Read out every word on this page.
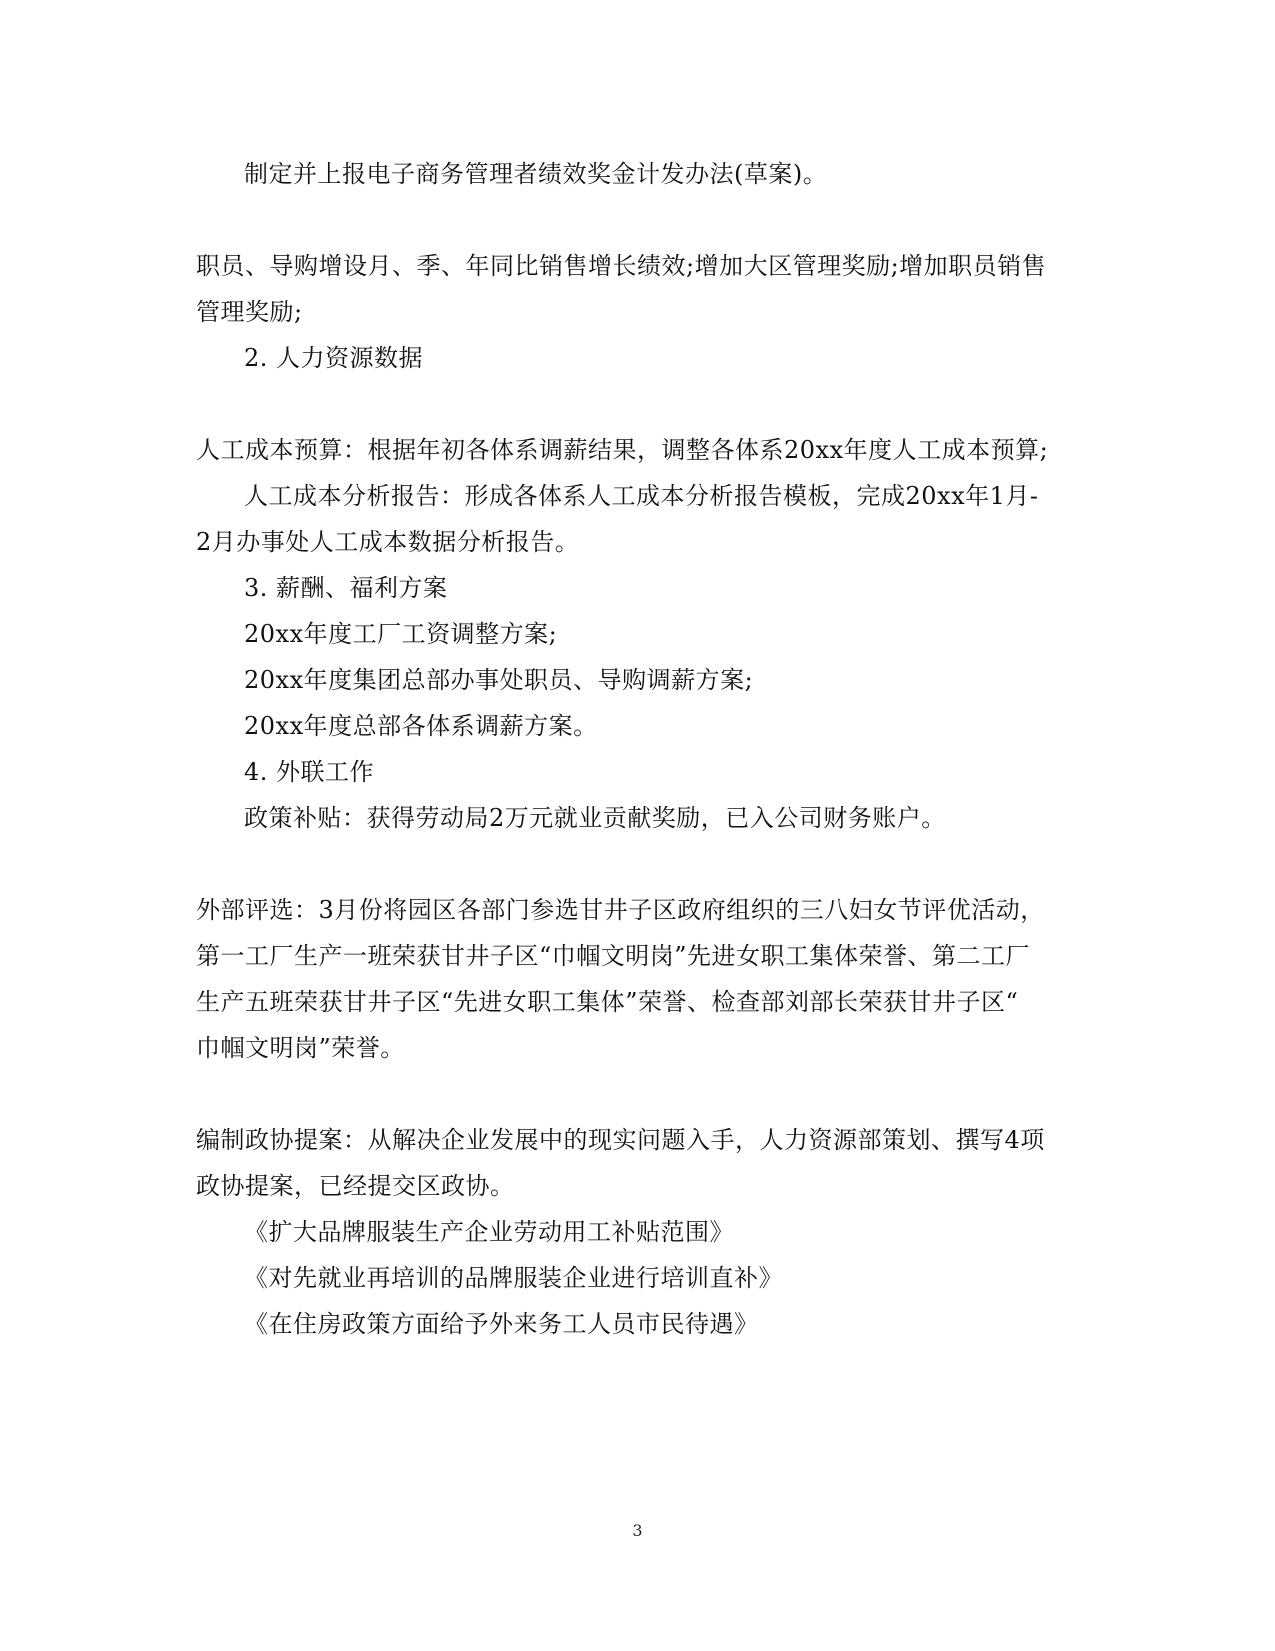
制定并上报电子商务管理者绩效奖金计发办法(草案)。
职员、导购增设月、季、年同比销售增长绩效;增加大区管理奖励;增加职员销售
管理奖励;
2. 人力资源数据
人工成本预算：根据年初各体系调薪结果，调整各体系20xx年度人工成本预算;
人工成本分析报告：形成各体系人工成本分析报告模板，完成20xx年1月-
2月办事处人工成本数据分析报告。
3. 薪酬、福利方案
20xx年度工厂工资调整方案;
20xx年度集团总部办事处职员、导购调薪方案;
20xx年度总部各体系调薪方案。
4. 外联工作
政策补贴：获得劳动局2万元就业贡献奖励，已入公司财务账户。
外部评选：3月份将园区各部门参选甘井子区政府组织的三八妇女节评优活动，
第一工厂生产一班荣获甘井子区“巾帼文明岗”先进女职工集体荣誉、第二工厂
生产五班荣获甘井子区“先进女职工集体”荣誉、检查部刘部长荣获甘井子区“
巾帼文明岗”荣誉。
编制政协提案：从解决企业发展中的现实问题入手，人力资源部策划、撰写4项
政协提案，已经提交区政协。
《扩大品牌服装生产企业劳动用工补贴范围》
《对先就业再培训的品牌服装企业进行培训直补》
《在住房政策方面给予外来务工人员市民待遇》
3
